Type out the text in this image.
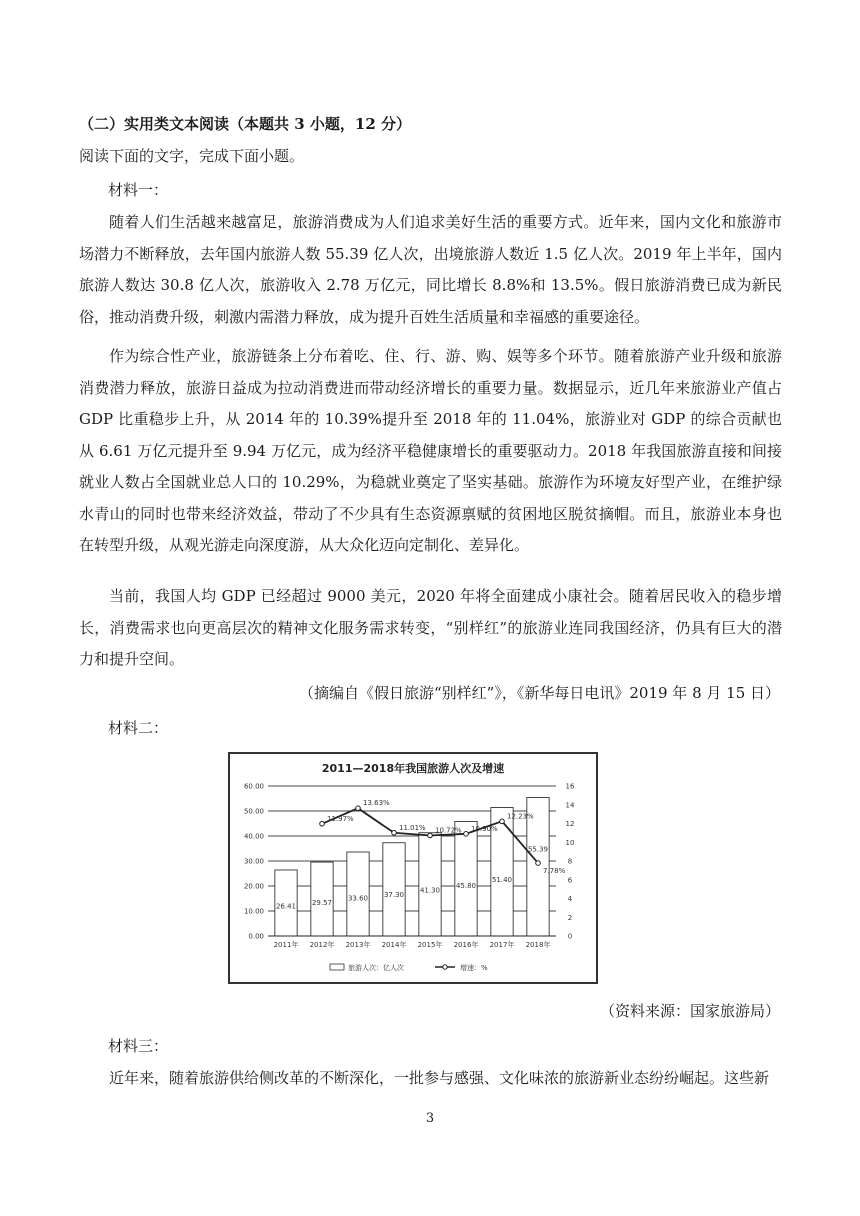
（二）实用类文本阅读（本题共 3 小题，12 分）
阅读下面的文字，完成下面小题。
材料一：
随着人们生活越来越富足，旅游消费成为人们追求美好生活的重要方式。近年来，国内文化和旅游市场潜力不断释放，去年国内旅游人数 55.39 亿人次，出境旅游人数近 1.5 亿人次。2019 年上半年，国内旅游人数达 30.8 亿人次，旅游收入 2.78 万亿元，同比增长 8.8%和 13.5%。假日旅游消费已成为新民俗，推动消费升级，刺激内需潜力释放，成为提升百姓生活质量和幸福感的重要途径。
作为综合性产业，旅游链条上分布着吃、住、行、游、购、娱等多个环节。随着旅游产业升级和旅游消费潜力释放，旅游日益成为拉动消费进而带动经济增长的重要力量。数据显示，近几年来旅游业产值占 GDP 比重稳步上升，从 2014 年的 10.39%提升至 2018 年的 11.04%，旅游业对 GDP 的综合贡献也从 6.61 万亿元提升至 9.94 万亿元，成为经济平稳健康增长的重要驱动力。2018 年我国旅游直接和间接就业人数占全国就业总人口的 10.29%，为稳就业奠定了坚实基础。旅游作为环境友好型产业，在维护绿水青山的同时也带来经济效益，带动了不少具有生态资源禀赋的贫困地区脱贫摘帽。而且，旅游业本身也在转型升级，从观光游走向深度游，从大众化迈向定制化、差异化。
当前，我国人均 GDP 已经超过 9000 美元，2020 年将全面建成小康社会。随着居民收入的稳步增长，消费需求也向更高层次的精神文化服务需求转变，“别样红”的旅游业连同我国经济，仍具有巨大的潜力和提升空间。
（摘编自《假日旅游“别样红”》，《新华每日电讯》2019 年 8 月 15 日）
材料二：
2011—2018年我国旅游人次及增速
26.41 29.57
33.60 37.30
41.30
45.80
51.40
55.39
11.97%
13.63%
11.01% 10.72% 10.90%
12.23%
7.78%
0.00
10.00
20.00
30.00
40.00
50.00
60.00
0
2
4
6
8
10
12
14
16
2011年 2012年 2013年 2014年 2015年 2016年 2017年 2018年
旅游人次：亿人次	增速：%
（资料来源：国家旅游局）
材料三：
近年来，随着旅游供给侧改革的不断深化，一批参与感强、文化味浓的旅游新业态纷纷崛起。这些新
3
